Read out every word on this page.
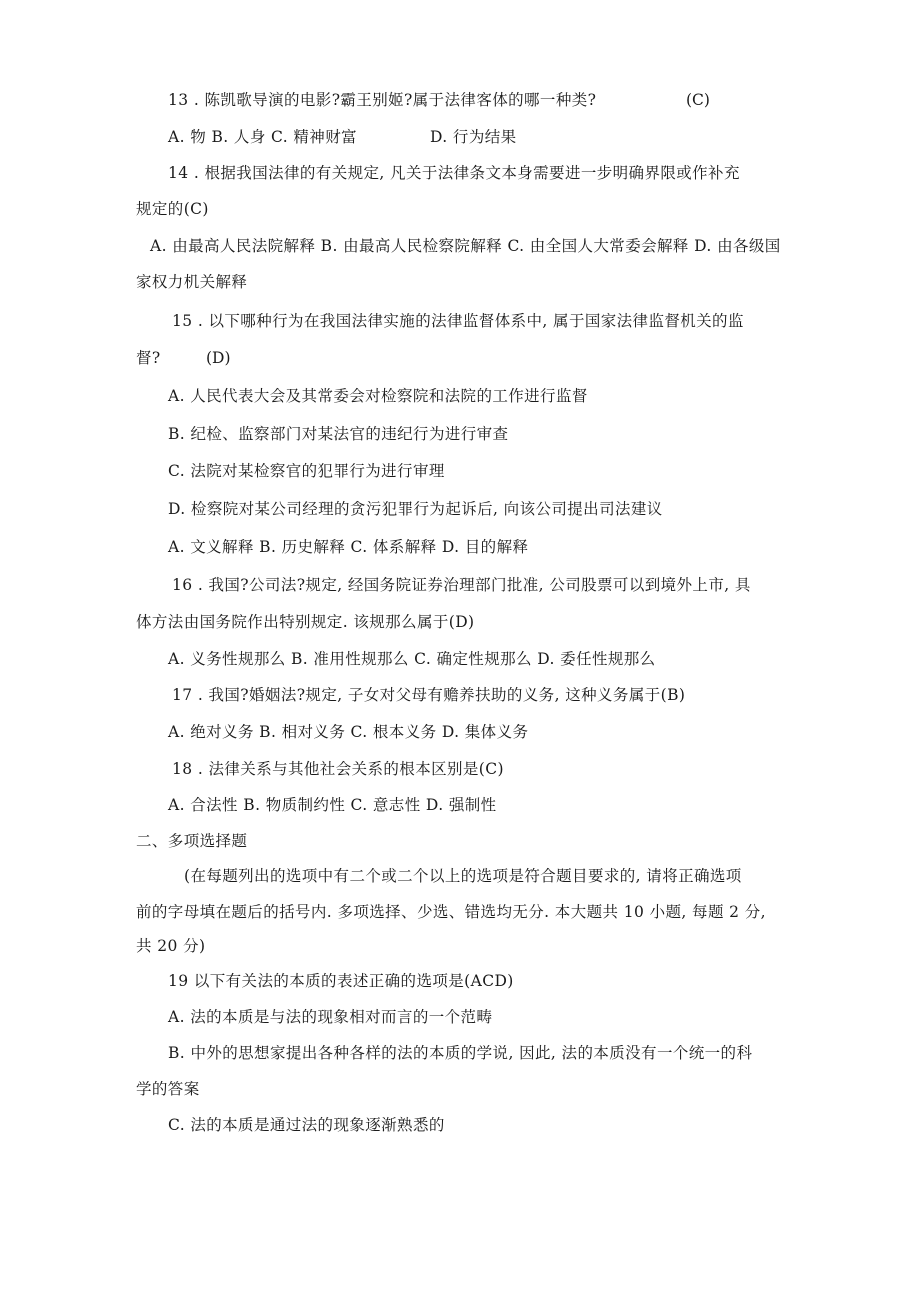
13 . 陈凯歌导演的电影?霸王别姬?属于法律客体的哪一种类?	(C)
A. 物 B. 人身 C. 精神财富	D. 行为结果
14 . 根据我国法律的有关规定, 凡关于法律条文本身需要进一步明确界限或作补充
规定的(C)
A. 由最高人民法院解释 B. 由最高人民检察院解释 C. 由全国人大常委会解释 D. 由各级国
家权力机关解释
15 . 以下哪种行为在我国法律实施的法律监督体系中, 属于国家法律监督机关的监
督?	(D)
A. 人民代表大会及其常委会对检察院和法院的工作进行监督
B. 纪检、监察部门对某法官的违纪行为进行审查
C. 法院对某检察官的犯罪行为进行审理
D. 检察院对某公司经理的贪污犯罪行为起诉后, 向该公司提出司法建议
A. 文义解释 B. 历史解释 C. 体系解释 D. 目的解释
16 . 我国?公司法?规定, 经国务院证券治理部门批准, 公司股票可以到境外上市, 具
体方法由国务院作出特别规定. 该规那么属于(D)
A. 义务性规那么 B. 准用性规那么 C. 确定性规那么 D. 委任性规那么
17 . 我国?婚姻法?规定, 子女对父母有赡养扶助的义务, 这种义务属于(B)
A. 绝对义务 B. 相对义务 C. 根本义务 D. 集体义务
18 . 法律关系与其他社会关系的根本区别是(C)
A. 合法性 B. 物质制约性 C. 意志性 D. 强制性
二、多项选择题
(在每题列出的选项中有二个或二个以上的选项是符合题目要求的, 请将正确选项
前的字母填在题后的括号内. 多项选择、少选、错选均无分. 本大题共 10 小题, 每题 2 分,
共 20 分)
19 以下有关法的本质的表述正确的选项是(ACD)
A. 法的本质是与法的现象相对而言的一个范畴
B. 中外的思想家提出各种各样的法的本质的学说, 因此, 法的本质没有一个统一的科
学的答案
C. 法的本质是通过法的现象逐渐熟悉的
